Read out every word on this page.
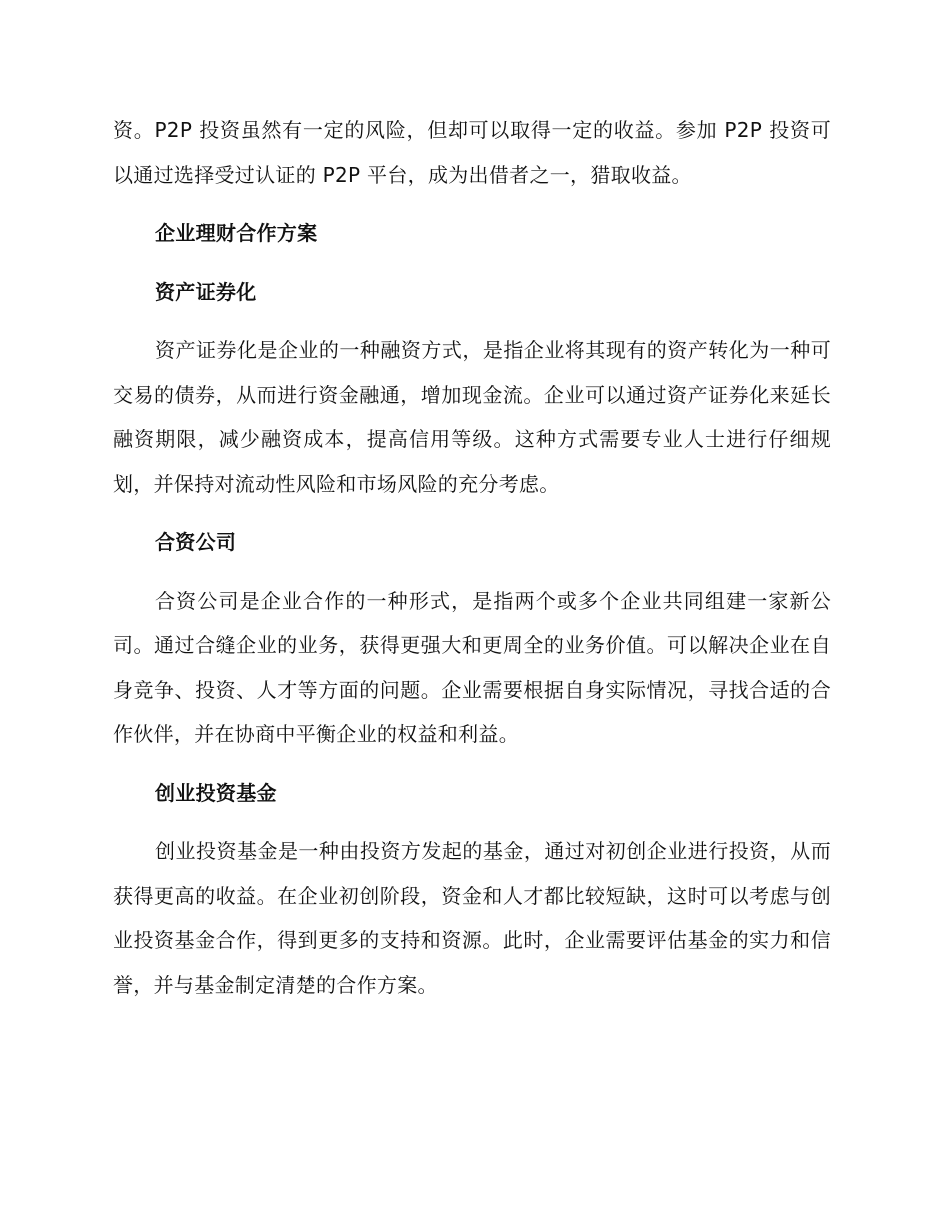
资。P2P 投资虽然有一定的风险，但却可以取得一定的收益。参加 P2P 投资可以通过选择受过认证的 P2P 平台，成为出借者之一，猎取收益。

企业理财合作方案
资产证券化

资产证券化是企业的一种融资方式，是指企业将其现有的资产转化为一种可交易的债券，从而进行资金融通，增加现金流。企业可以通过资产证券化来延长融资期限，减少融资成本，提高信用等级。这种方式需要专业人士进行仔细规划，并保持对流动性风险和市场风险的充分考虑。

合资公司

合资公司是企业合作的一种形式，是指两个或多个企业共同组建一家新公司。通过合缝企业的业务，获得更强大和更周全的业务价值。可以解决企业在自身竞争、投资、人才等方面的问题。企业需要根据自身实际情况，寻找合适的合作伙伴，并在协商中平衡企业的权益和利益。

创业投资基金

创业投资基金是一种由投资方发起的基金，通过对初创企业进行投资，从而获得更高的收益。在企业初创阶段，资金和人才都比较短缺，这时可以考虑与创业投资基金合作，得到更多的支持和资源。此时，企业需要评估基金的实力和信誉，并与基金制定清楚的合作方案。
